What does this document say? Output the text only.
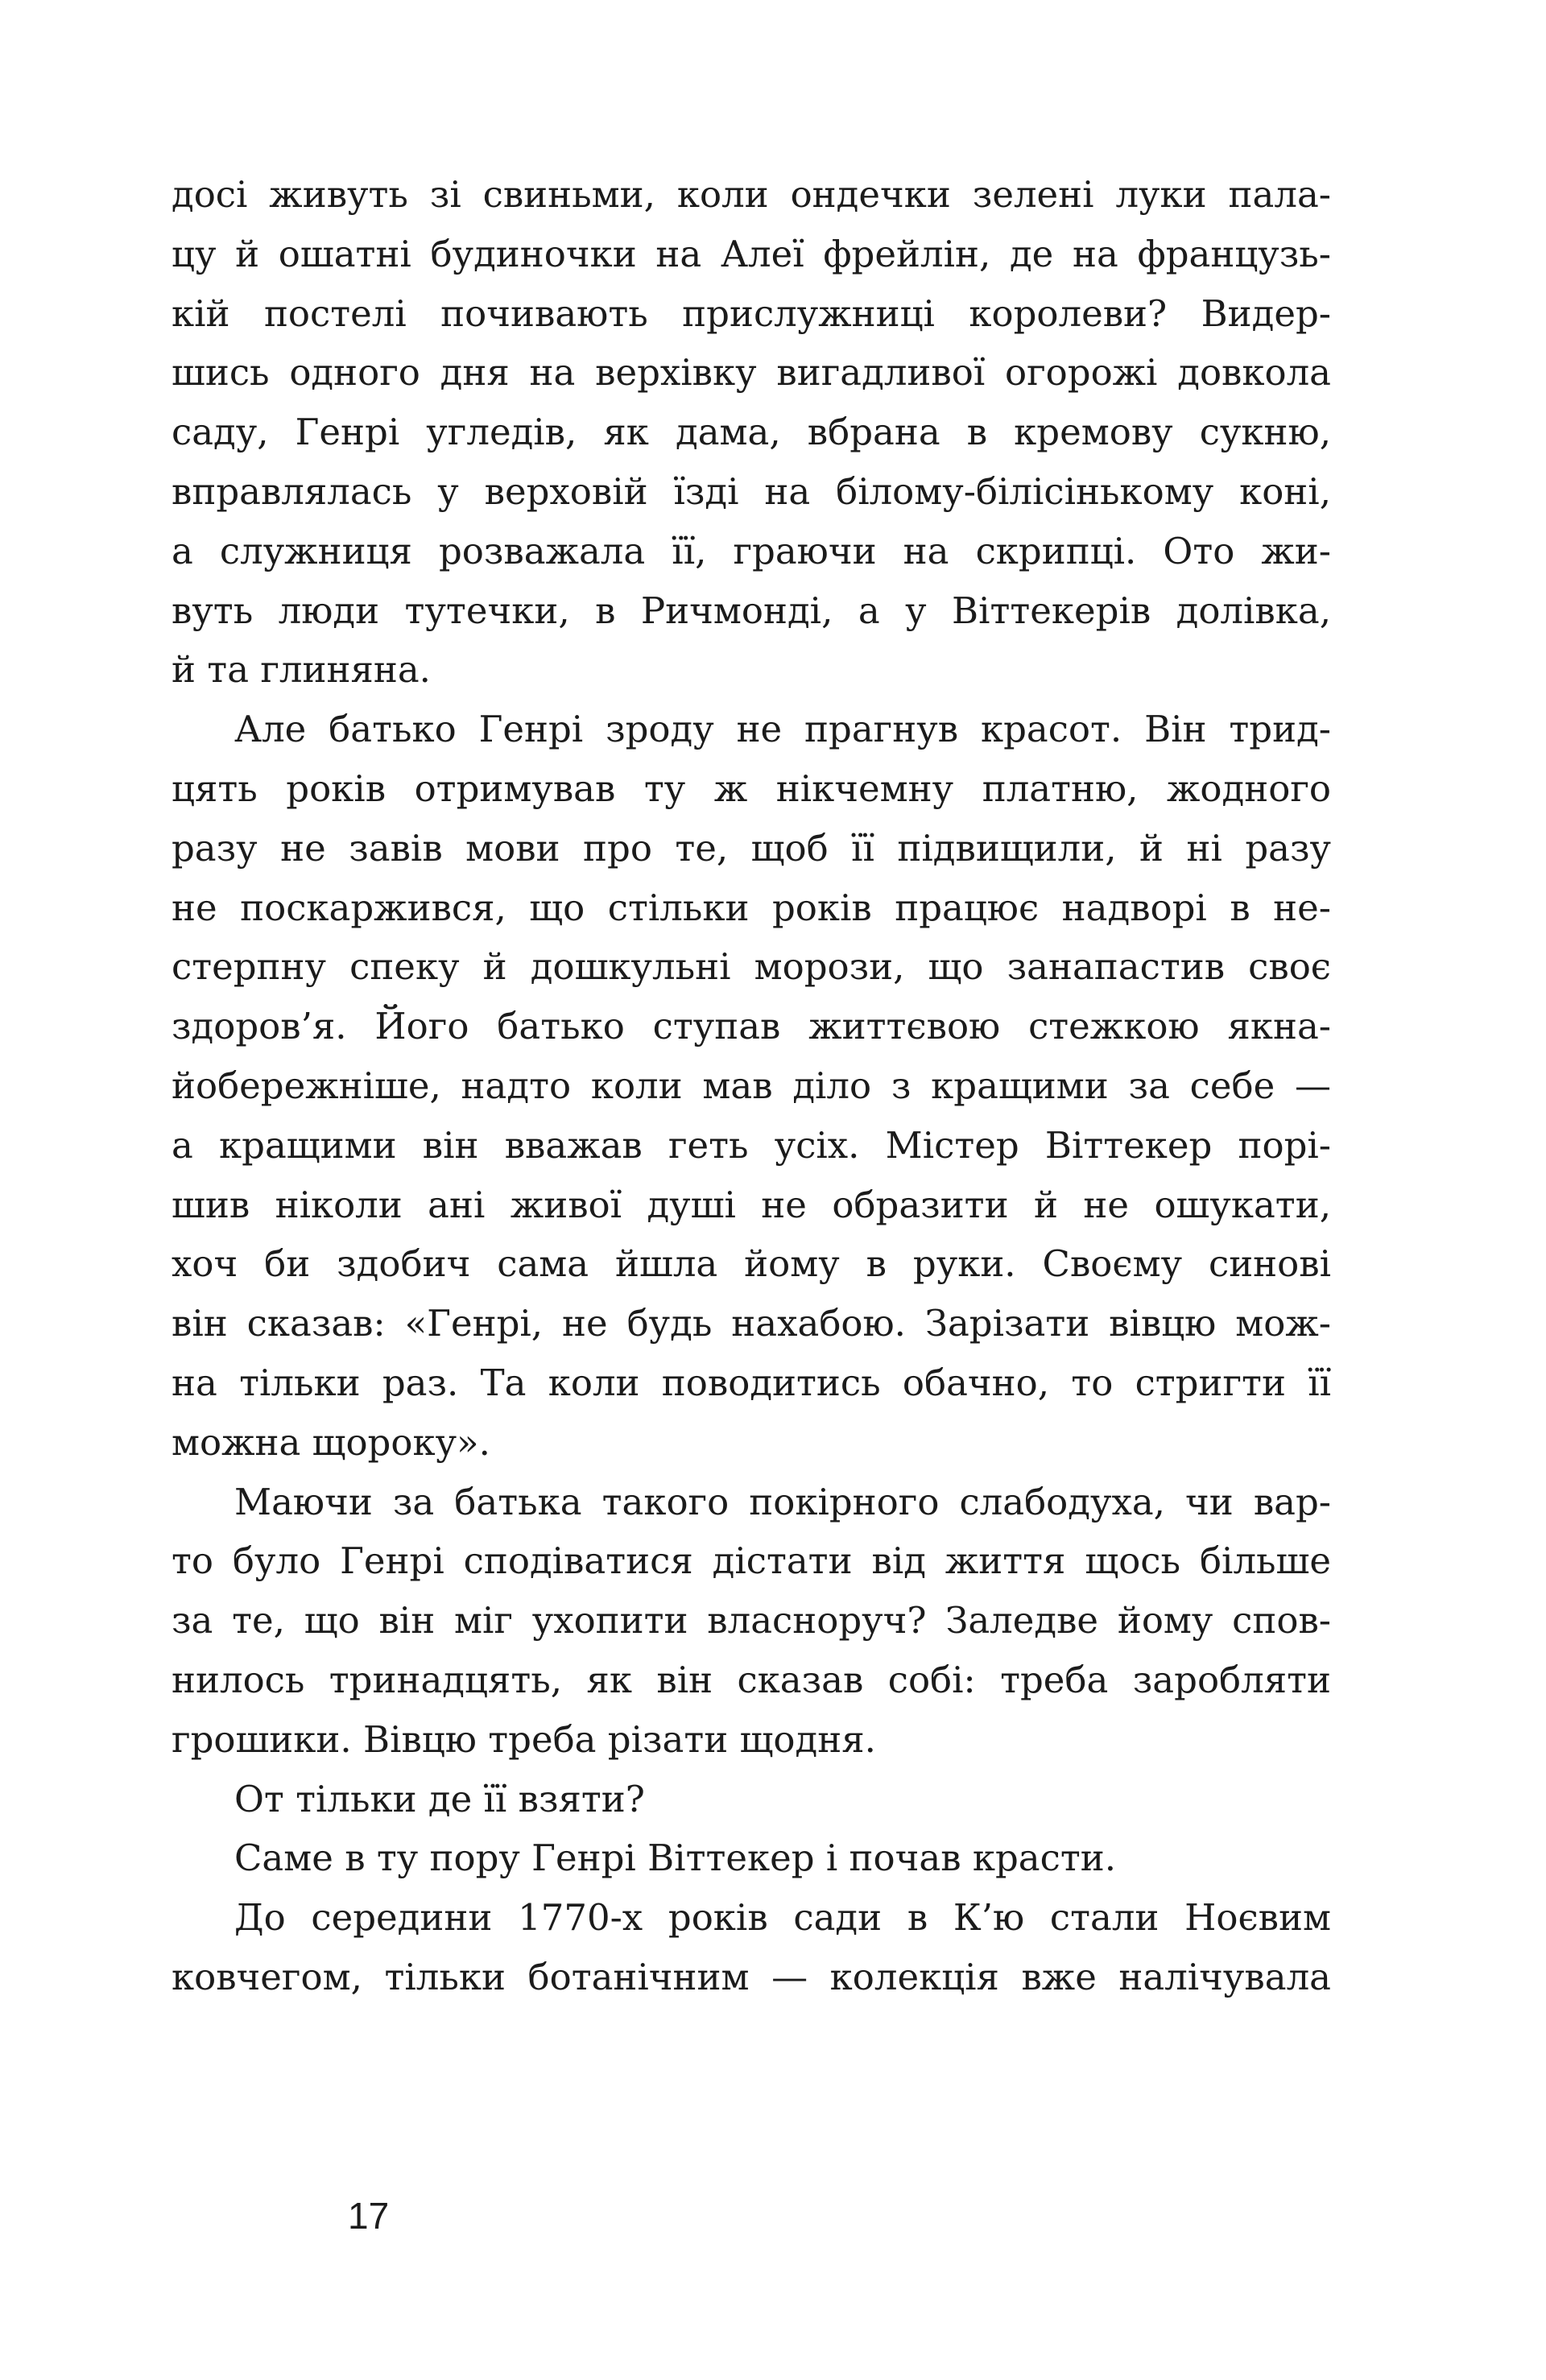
досі живуть зі свиньми, коли ондечки зелені луки пала-
цу й ошатні будиночки на Алеї фрейлін, де на французь-
кій постелі почивають прислужниці королеви? Видер-
шись одного дня на верхівку вигадливої огорожі довкола
саду, Генрі угледів, як дама, вбрана в кремову сукню,
вправлялась у верховій їзді на білому-білісінькому коні,
а служниця розважала її, граючи на скрипці. Ото жи-
вуть люди тутечки, в Ричмонді, а у Віттекерів долівка,
й та глиняна.
Але батько Генрі зроду не прагнув красот. Він трид-
цять років отримував ту ж нікчемну платню, жодного
разу не завів мови про те, щоб її підвищили, й ні разу
не поскаржився, що стільки років працює надворі в не-
стерпну спеку й дошкульні морози, що занапастив своє
здоров’я. Його батько ступав життєвою стежкою якна-
йобережніше, надто коли мав діло з кращими за себе —
а кращими він вважав геть усіх. Містер Віттекер порі-
шив ніколи ані живої душі не образити й не ошукати,
хоч би здобич сама йшла йому в руки. Своєму синові
він сказав: «Генрі, не будь нахабою. Зарізати вівцю мож-
на тільки раз. Та коли поводитись обачно, то стригти її
можна щороку».
Маючи за батька такого покірного слабодуха, чи вар-
то було Генрі сподіватися дістати від життя щось більше
за те, що він міг ухопити власноруч? Заледве йому спов-
нилось тринадцять, як він сказав собі: треба заробляти
грошики. Вівцю треба різати щодня.
От тільки де її взяти?
Саме в ту пору Генрі Віттекер і почав красти.
До середини 1770-х років сади в К’ю стали Ноєвим
ковчегом, тільки ботанічним — колекція вже налічувала
17
